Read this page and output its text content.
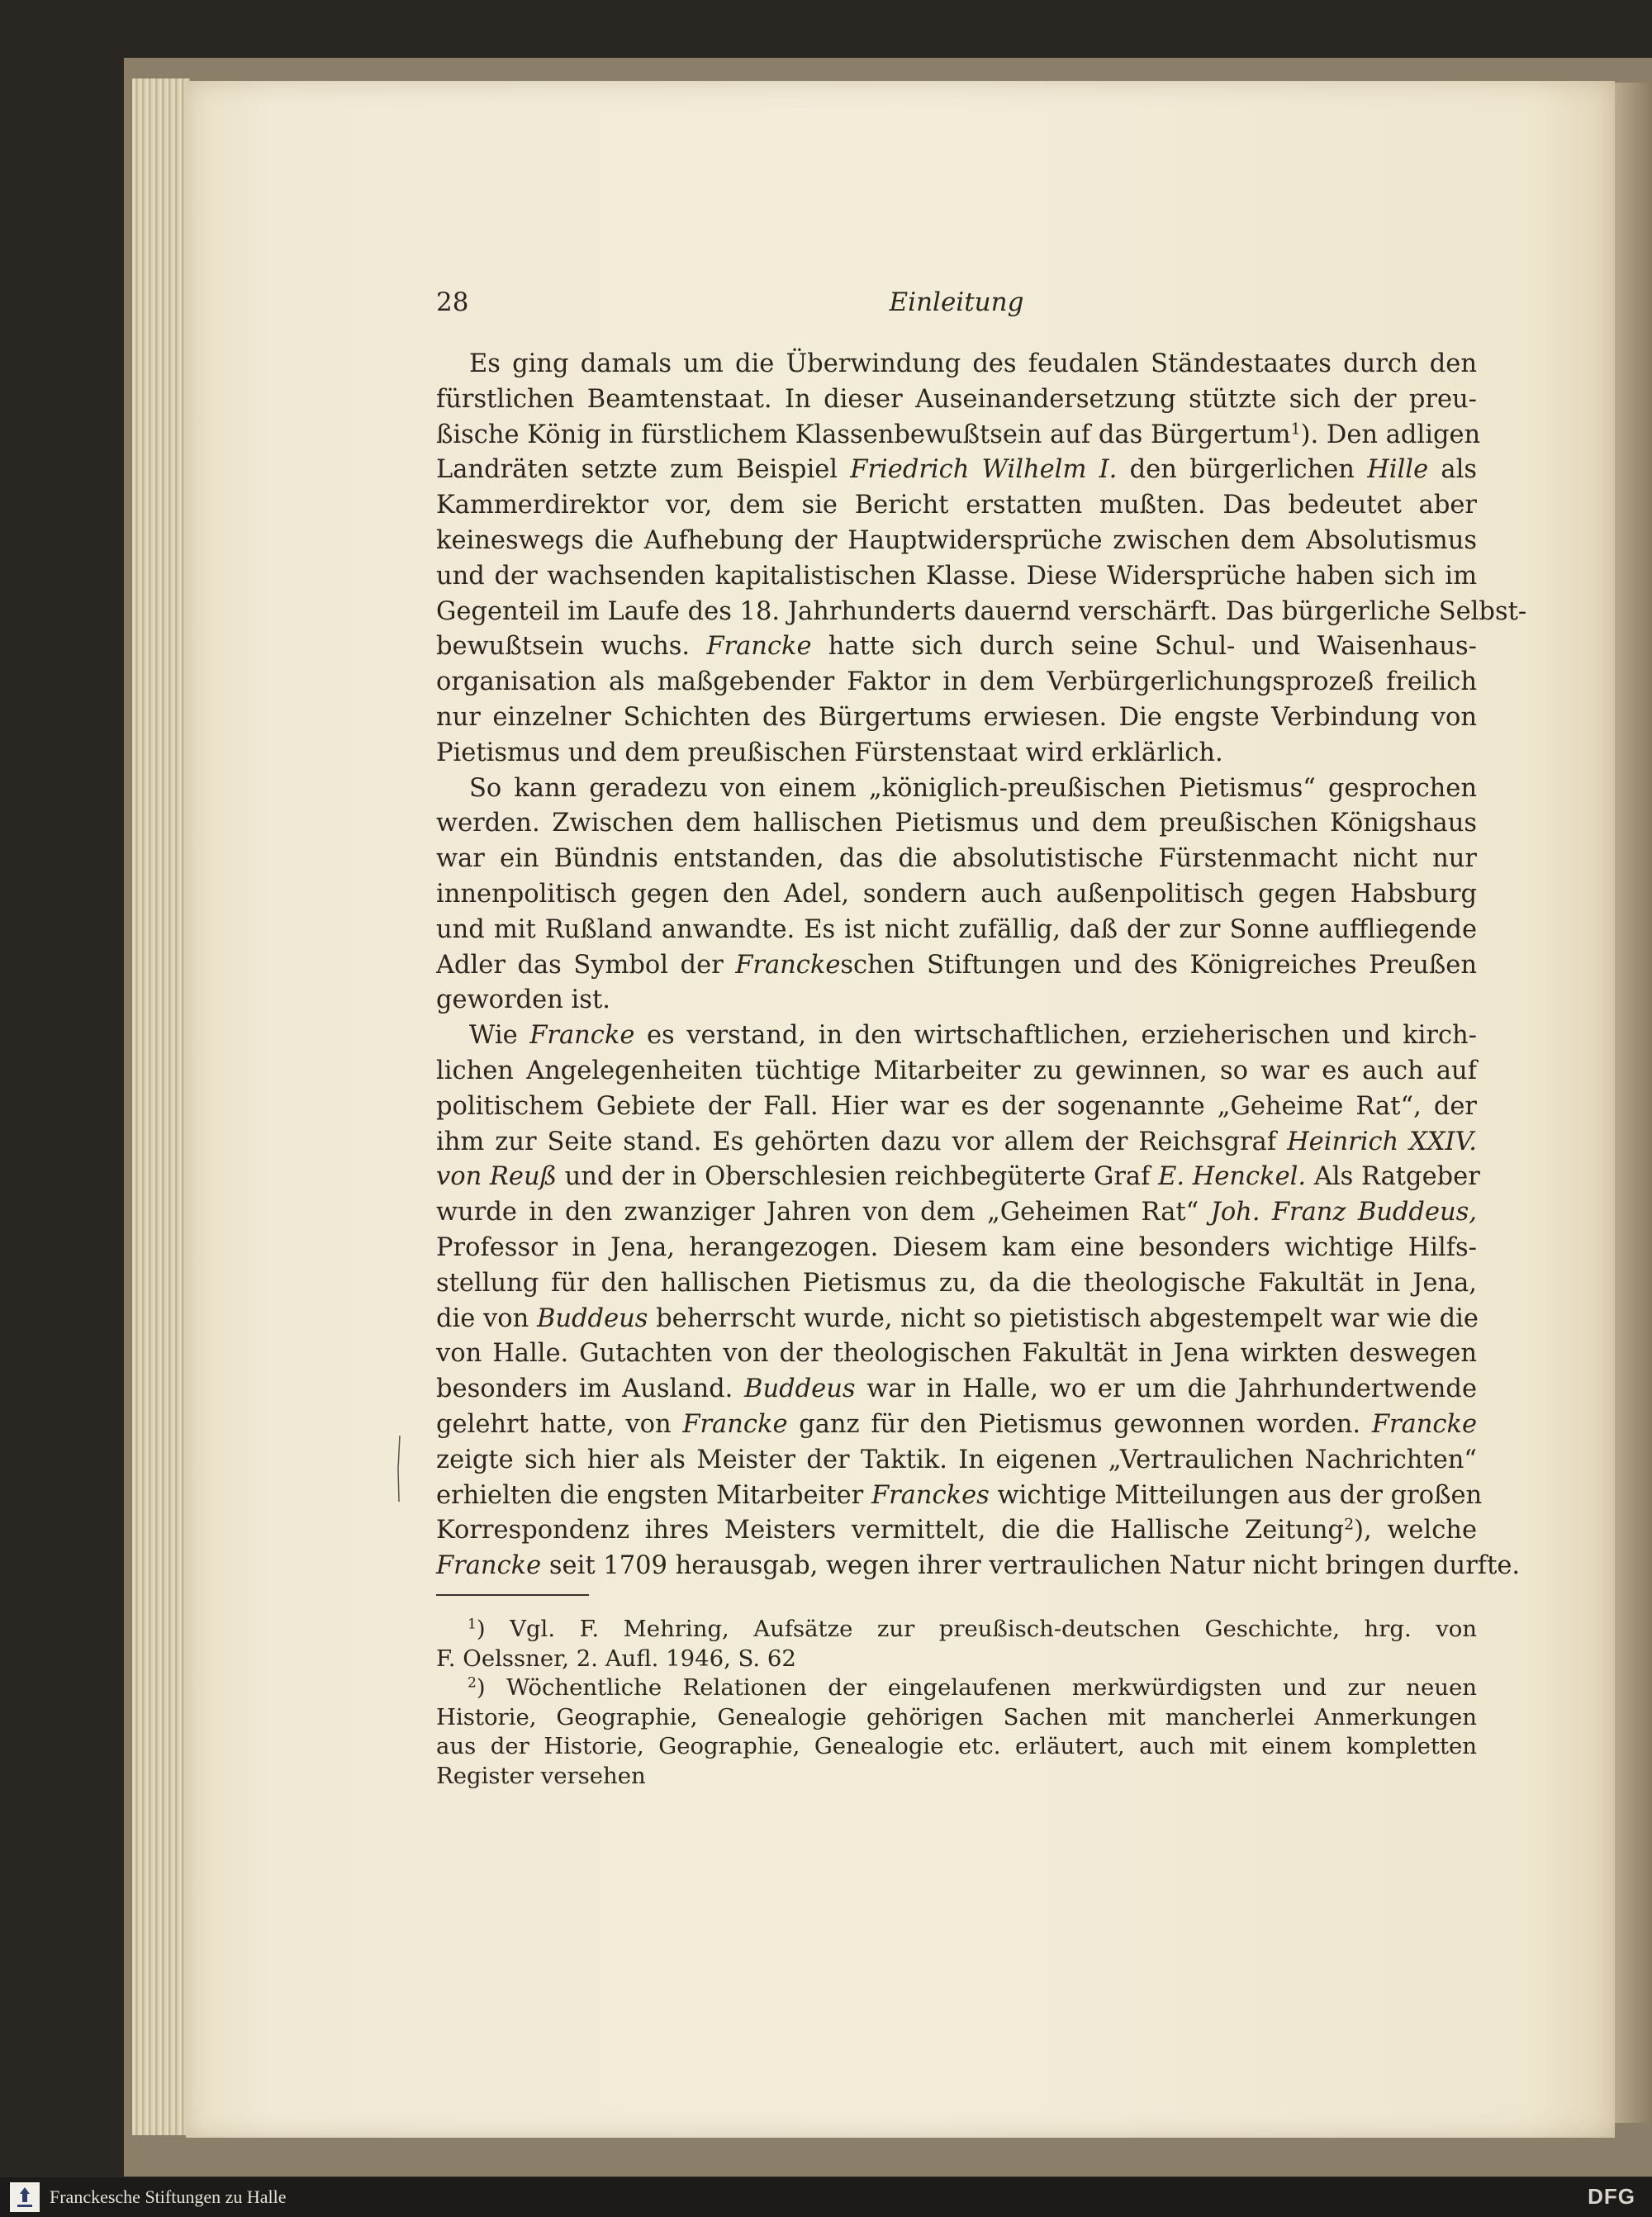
28	Einleitung
Es ging damals um die Überwindung des feudalen Ständestaates durch den
fürstlichen Beamtenstaat. In dieser Auseinandersetzung stützte sich der preu-
ßische König in fürstlichem Klassenbewußtsein auf das Bürgertum$^1$). Den adligen
Landräten setzte zum Beispiel Friedrich Wilhelm I. den bürgerlichen Hille als
Kammerdirektor vor, dem sie Bericht erstatten mußten. Das bedeutet aber
keineswegs die Aufhebung der Hauptwidersprüche zwischen dem Absolutismus
und der wachsenden kapitalistischen Klasse. Diese Widersprüche haben sich im
Gegenteil im Laufe des 18. Jahrhunderts dauernd verschärft. Das bürgerliche Selbst-
bewußtsein wuchs. Francke hatte sich durch seine Schul- und Waisenhaus-
organisation als maßgebender Faktor in dem Verbürgerlichungsprozeß freilich
nur einzelner Schichten des Bürgertums erwiesen. Die engste Verbindung von
Pietismus und dem preußischen Fürstenstaat wird erklärlich.
So kann geradezu von einem „königlich-preußischen Pietismus“ gesprochen
werden. Zwischen dem hallischen Pietismus und dem preußischen Königshaus
war ein Bündnis entstanden, das die absolutistische Fürstenmacht nicht nur
innenpolitisch gegen den Adel, sondern auch außenpolitisch gegen Habsburg
und mit Rußland anwandte. Es ist nicht zufällig, daß der zur Sonne auffliegende
Adler das Symbol der Franckeschen Stiftungen und des Königreiches Preußen
geworden ist.
Wie Francke es verstand, in den wirtschaftlichen, erzieherischen und kirch-
lichen Angelegenheiten tüchtige Mitarbeiter zu gewinnen, so war es auch auf
politischem Gebiete der Fall. Hier war es der sogenannte „Geheime Rat“, der
ihm zur Seite stand. Es gehörten dazu vor allem der Reichsgraf Heinrich XXIV.
von Reuß und der in Oberschlesien reichbegüterte Graf E. Henckel. Als Ratgeber
wurde in den zwanziger Jahren von dem „Geheimen Rat“ Joh. Franz Buddeus,
Professor in Jena, herangezogen. Diesem kam eine besonders wichtige Hilfs-
stellung für den hallischen Pietismus zu, da die theologische Fakultät in Jena,
die von Buddeus beherrscht wurde, nicht so pietistisch abgestempelt war wie die
von Halle. Gutachten von der theologischen Fakultät in Jena wirkten deswegen
besonders im Ausland. Buddeus war in Halle, wo er um die Jahrhundertwende
gelehrt hatte, von Francke ganz für den Pietismus gewonnen worden. Francke
zeigte sich hier als Meister der Taktik. In eigenen „Vertraulichen Nachrichten“
erhielten die engsten Mitarbeiter Franckes wichtige Mitteilungen aus der großen
Korrespondenz ihres Meisters vermittelt, die die Hallische Zeitung$^2$), welche
Francke seit 1709 herausgab, wegen ihrer vertraulichen Natur nicht bringen durfte.
$^1$) Vgl. F. Mehring, Aufsätze zur preußisch-deutschen Geschichte, hrg. von
F. Oelssner, 2. Aufl. 1946, S. 62
$^2$) Wöchentliche Relationen der eingelaufenen merkwürdigsten und zur neuen
Historie, Geographie, Genealogie gehörigen Sachen mit mancherlei Anmerkungen
aus der Historie, Geographie, Genealogie etc. erläutert, auch mit einem kompletten
Register versehen
Franckesche Stiftungen zu Halle	DFG
